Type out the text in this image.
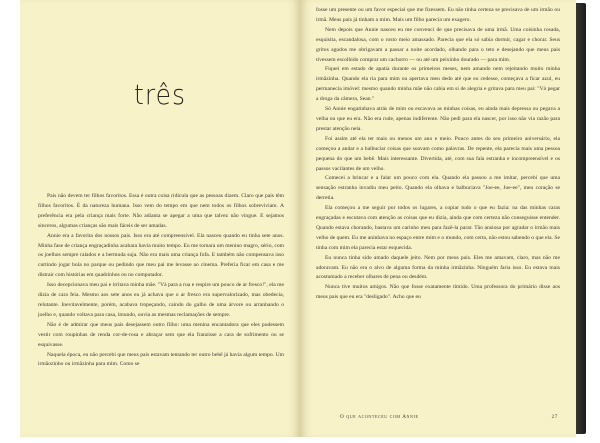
três

Pais não devem ter filhos favoritos. Essa é outra coisa ridícula que as pessoas dizem. Claro que pais têm filhos favoritos. É da natureza humana. Isso vem do tempo em que nem todos os filhos sobreviviam. A preferência era pela criança mais forte. Não adianta se apegar a uma que talvez não vingue. E sejamos sinceros, algumas crianças são mais fáceis de ser amadas.

Annie era a favorita dos nossos pais. Isso era até compreensível. Ela nasceu quando eu tinha sete anos. Minha fase de criança engraçadinha acabara havia muito tempo. Eu me tornara um menino magro, sério, com os joelhos sempre ralados e a bermuda suja. Não era mais uma criança fofa. E também não compensava isso curtindo jogar bola no parque ou pedindo que meu pai me levasse ao cinema. Preferia ficar em casa e me distrair com histórias em quadrinhos ou no computador.

Isso decepcionava meu pai e irritava minha mãe. "Vá para a rua e respire um pouco de ar fresco!", ela me dizia de cara feia. Mesmo aos sete anos eu já achava que o ar fresco era supervalorizado, mas obedecia, relutante. Inevitavelmente, porém, acabava tropeçando, caindo do galho de uma árvore ou arranhando o joelho e, quando voltava para casa, imundo, ouvia as mesmas reclamações de sempre.

Não é de admirar que meus pais desejassem outro filho: uma menina encantadora que eles pudessem vestir com roupinhas de renda cor-de-rosa e abraçar sem que ela franzisse a cara de sofrimento ou se esquivasse.

Naquela época, eu não percebi que meus pais estavam tentando ter outro bebê já havia algum tempo. Um irmãozinho ou irmãzinha para mim. Como se

fosse um presente ou um favor especial que me fizessem. Eu não tinha certeza se precisava de um irmão ou irmã. Meus pais já tinham a mim. Mais um filho parecia um exagero.

Nem depois que Annie nasceu eu me convenci de que precisava de uma irmã. Uma coisinha rosada, esquisita, escandalosa, com o rosto meio amassado. Parecia que ela só sabia dormir, cagar e chorar. Seus gritos agudos me obrigavam a passar a noite acordado, olhando para o teto e desejando que meus pais tivessem escolhido comprar um cachorro — ou até um peixinho dourado — para mim.

Fiquei em estado de apatia durante os primeiros meses, nem amando nem rejeitando muito minha irmãzinha. Quando ela ria para mim ou apertava meu dedo até que eu cedesse, começava a ficar azul, eu permanecia imóvel: mesmo quando minha mãe não cabia em si de alegria e gritava para meu pai: "Vá pegar a droga da câmera, Sean."

Só Annie engatinhava atrás de mim ou escavava as minhas coisas, eu ainda mais depressa ou pegava a velha ou que eu era. Não era rude, apenas indiferente. Não pedi para ela nascer, por isso não via razão para prestar atenção nela.

Foi assim até ela ter mais ou menos um ano e meio. Pouco antes do seu primeiro aniversário, ela começou a andar e a balbuciar coisas que soavam como palavras. De repente, ela parecia mais uma pessoa pequena do que um bebê. Mais interessante. Divertida, até, com sua fala estranha e incompreensível e os passos vacilantes de um velho.

Comecei a brincar e a falar um pouco com ela. Quando ela passou a me imitar, percebi que uma sensação estranha invadiu meu peito. Quando ela olhava e balbuciava "Joe-ee, Joe-ee", meu coração se derretia.

Ela começou a me seguir por todos os lugares, a copiar tudo o que eu fazia: na das minhas caras engraçadas e escutava com atenção as coisas que eu dizia, ainda que com certeza não conseguisse entender. Quando estava chorando, bastava um carinho meu para fazê-la parar. Tão ansiosa por agradar o irmão mais velho de quem. Eu me aninhava no espaço entre mim e o mundo, com certa, não estou sabendo o que ela. Se tinha com mim ela parecia estar esquecida.

Eu nunca tinha sido amado daquele jeito. Nem por meus pais. Eles me amavam, claro, mas não me adoravam. Eu não era o alvo de alguma forma da minha irmãzinha. Ninguém faria isso. Eu estava mais acostumado a receber olhares de pena ou desdém.

Nunca tive muitos amigos. Não que fosse exatamente tímido. Uma professora do primário disse aos meus pais que eu era "desligado". Acho que eu

O que aconteceu com Annie	27
